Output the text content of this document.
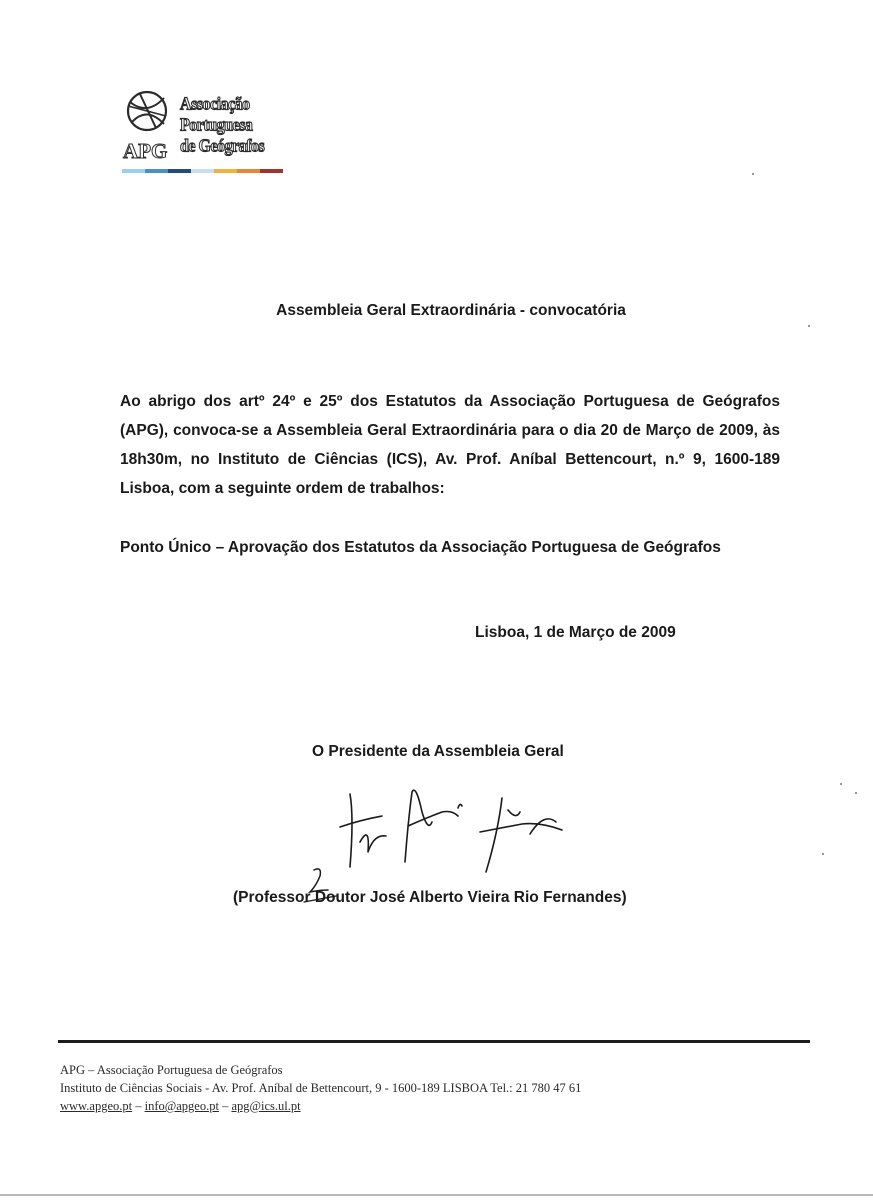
APG
Associação
Portuguesa
de Geógrafos
Assembleia Geral Extraordinária - convocatória

Ao abrigo dos artº 24º e 25º dos Estatutos da Associação Portuguesa de Geógrafos (APG), convoca-se a Assembleia Geral Extraordinária para o dia 20 de Março de 2009, às 18h30m, no Instituto de Ciências (ICS), Av. Prof. Aníbal Bettencourt, n.º 9, 1600-189 Lisboa, com a seguinte ordem de trabalhos:

Ponto Único – Aprovação dos Estatutos da Associação Portuguesa de Geógrafos

Lisboa, 1 de Março de 2009
O Presidente da Assembleia Geral
(Professor Doutor José Alberto Vieira Rio Fernandes)
APG – Associação Portuguesa de Geógrafos
Instituto de Ciências Sociais - Av. Prof. Aníbal de Bettencourt, 9 - 1600-189 LISBOA Tel.: 21 780 47 61
www.apgeo.pt – info@apgeo.pt – apg@ics.ul.pt
